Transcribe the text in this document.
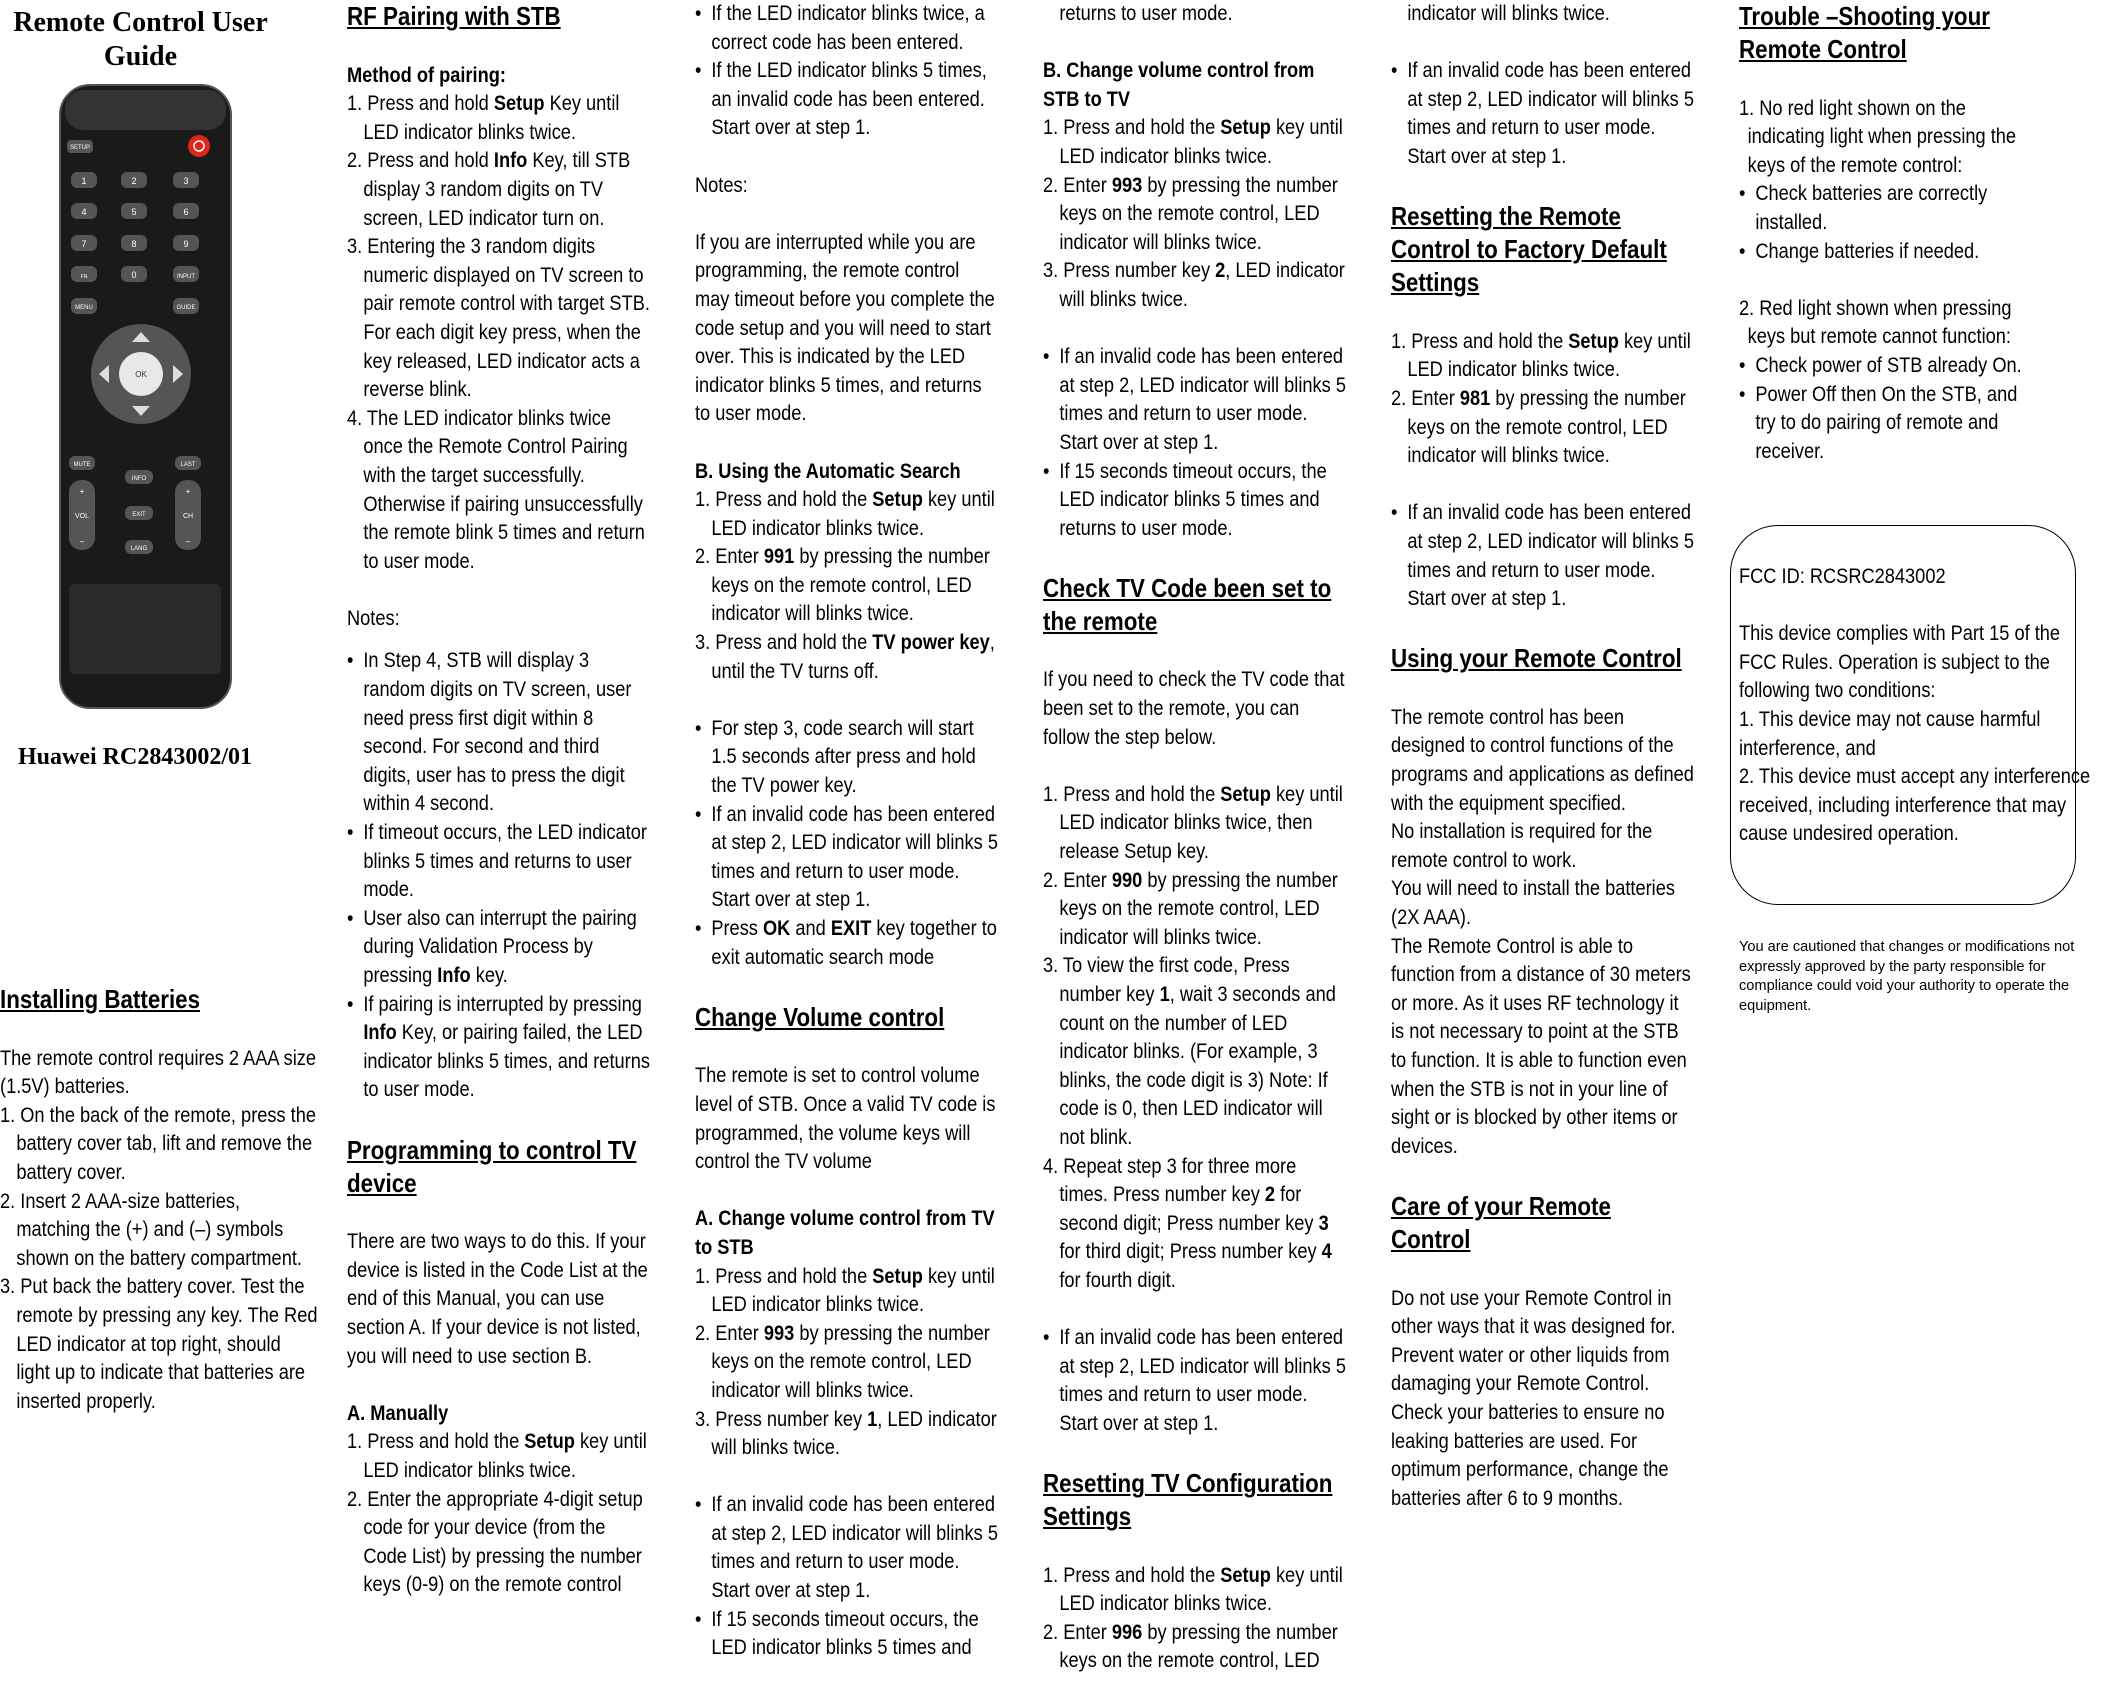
Remote Control User Guide
SETUP
1	2	3
4	5	6
7	8	9
FN	0	INPUT
MENU	GUIDE
OK
MUTE	LAST
INFO
EXIT
LANG
+
VOL
–
+
CH
–
Huawei RC2843002/01
Installing Batteries

The remote control requires 2 AAA size (1.5V) batteries.

1. On the back of the remote, press the battery cover tab, lift and remove the battery cover.
2. Insert 2 AAA-size batteries, matching the (+) and (–) symbols shown on the battery compartment.
3. Put back the battery cover. Test the remote by pressing any key. The Red LED indicator at top right, should light up to indicate that batteries are inserted properly.
RF Pairing with STB

Method of pairing:

1. Press and hold Setup Key until LED indicator blinks twice.
2. Press and hold Info Key, till STB display 3 random digits on TV screen, LED indicator turn on.
3. Entering the 3 random digits numeric displayed on TV screen to pair remote control with target STB. For each digit key press, when the key released, LED indicator acts a reverse blink.
4. The LED indicator blinks twice once the Remote Control Pairing with the target successfully. Otherwise if pairing unsuccessfully the remote blink 5 times and return to user mode.

Notes:

• In Step 4, STB will display 3 random digits on TV screen, user need press first digit within 8 second. For second and third digits, user has to press the digit within 4 second.
• If timeout occurs, the LED indicator blinks 5 times and returns to user mode.
• User also can interrupt the pairing during Validation Process by pressing Info key.
• If pairing is interrupted by pressing Info Key, or pairing failed, the LED indicator blinks 5 times, and returns to user mode.
Programming to control TV device

There are two ways to do this. If your device is listed in the Code List at the end of this Manual, you can use section A. If your device is not listed, you will need to use section B.

A. Manually

1. Press and hold the Setup key until LED indicator blinks twice.
2. Enter the appropriate 4-digit setup code for your device (from the Code List) by pressing the number keys (0-9) on the remote control
• If the LED indicator blinks twice, a correct code has been entered.
• If the LED indicator blinks 5 times, an invalid code has been entered. Start over at step 1.

Notes:

If you are interrupted while you are programming, the remote control may timeout before you complete the code setup and you will need to start over. This is indicated by the LED indicator blinks 5 times, and returns to user mode.

B. Using the Automatic Search

1. Press and hold the Setup key until LED indicator blinks twice.
2. Enter 991 by pressing the number keys on the remote control, LED indicator will blinks twice.
3. Press and hold the TV power key, until the TV turns off.
• For step 3, code search will start 1.5 seconds after press and hold the TV power key.
• If an invalid code has been entered at step 2, LED indicator will blinks 5 times and return to user mode. Start over at step 1.
• Press OK and EXIT key together to exit automatic search mode
Change Volume control

The remote is set to control volume level of STB. Once a valid TV code is programmed, the volume keys will control the TV volume

A. Change volume control from TV to STB

1. Press and hold the Setup key until LED indicator blinks twice.
2. Enter 993 by pressing the number keys on the remote control, LED indicator will blinks twice.
3. Press number key 1, LED indicator will blinks twice.
• If an invalid code has been entered at step 2, LED indicator will blinks 5 times and return to user mode. Start over at step 1.
• If 15 seconds timeout occurs, the LED indicator blinks 5 times and

returns to user mode.

B. Change volume control from STB to TV

1. Press and hold the Setup key until LED indicator blinks twice.
2. Enter 993 by pressing the number keys on the remote control, LED indicator will blinks twice.
3. Press number key 2, LED indicator will blinks twice.
• If an invalid code has been entered at step 2, LED indicator will blinks 5 times and return to user mode. Start over at step 1.
• If 15 seconds timeout occurs, the LED indicator blinks 5 times and returns to user mode.
Check TV Code been set to the remote

If you need to check the TV code that been set to the remote, you can follow the step below.

1. Press and hold the Setup key until LED indicator blinks twice, then release Setup key.
2. Enter 990 by pressing the number keys on the remote control, LED indicator will blinks twice.
3. To view the first code, Press number key 1, wait 3 seconds and count on the number of LED indicator blinks. (For example, 3 blinks, the code digit is 3) Note: If code is 0, then LED indicator will not blink.
4. Repeat step 3 for three more times. Press number key 2 for second digit; Press number key 3 for third digit; Press number key 4 for fourth digit.
• If an invalid code has been entered at step 2, LED indicator will blinks 5 times and return to user mode. Start over at step 1.
Resetting TV Configuration Settings
1. Press and hold the Setup key until LED indicator blinks twice.
2. Enter 996 by pressing the number keys on the remote control, LED

indicator will blinks twice.

• If an invalid code has been entered at step 2, LED indicator will blinks 5 times and return to user mode. Start over at step 1.
Resetting the Remote Control to Factory Default Settings
1. Press and hold the Setup key until LED indicator blinks twice.
2. Enter 981 by pressing the number keys on the remote control, LED indicator will blinks twice.
• If an invalid code has been entered at step 2, LED indicator will blinks 5 times and return to user mode. Start over at step 1.
Using your Remote Control

The remote control has been designed to control functions of the programs and applications as defined with the equipment specified.

No installation is required for the remote control to work.

You will need to install the batteries (2X AAA).

The Remote Control is able to function from a distance of 30 meters or more. As it uses RF technology it is not necessary to point at the STB to function. It is able to function even when the STB is not in your line of sight or is blocked by other items or devices.

Care of your Remote Control

Do not use your Remote Control in other ways that it was designed for. Prevent water or other liquids from damaging your Remote Control. Check your batteries to ensure no leaking batteries are used. For optimum performance, change the batteries after 6 to 9 months.

Trouble –Shooting your Remote Control

1. No red light shown on the indicating light when pressing the keys of the remote control:

• Check batteries are correctly installed.
• Change batteries if needed.

2. Red light shown when pressing keys but remote cannot function:

• Check power of STB already On.
• Power Off then On the STB, and try to do pairing of remote and receiver.

FCC ID: RCSRC2843002

This device complies with Part 15 of the FCC Rules. Operation is subject to the following two conditions:

1. This device may not cause harmful interference, and

2. This device must accept any interference received, including interference that may cause undesired operation.

You are cautioned that changes or modifications not expressly approved by the party responsible for compliance could void your authority to operate the equipment.
